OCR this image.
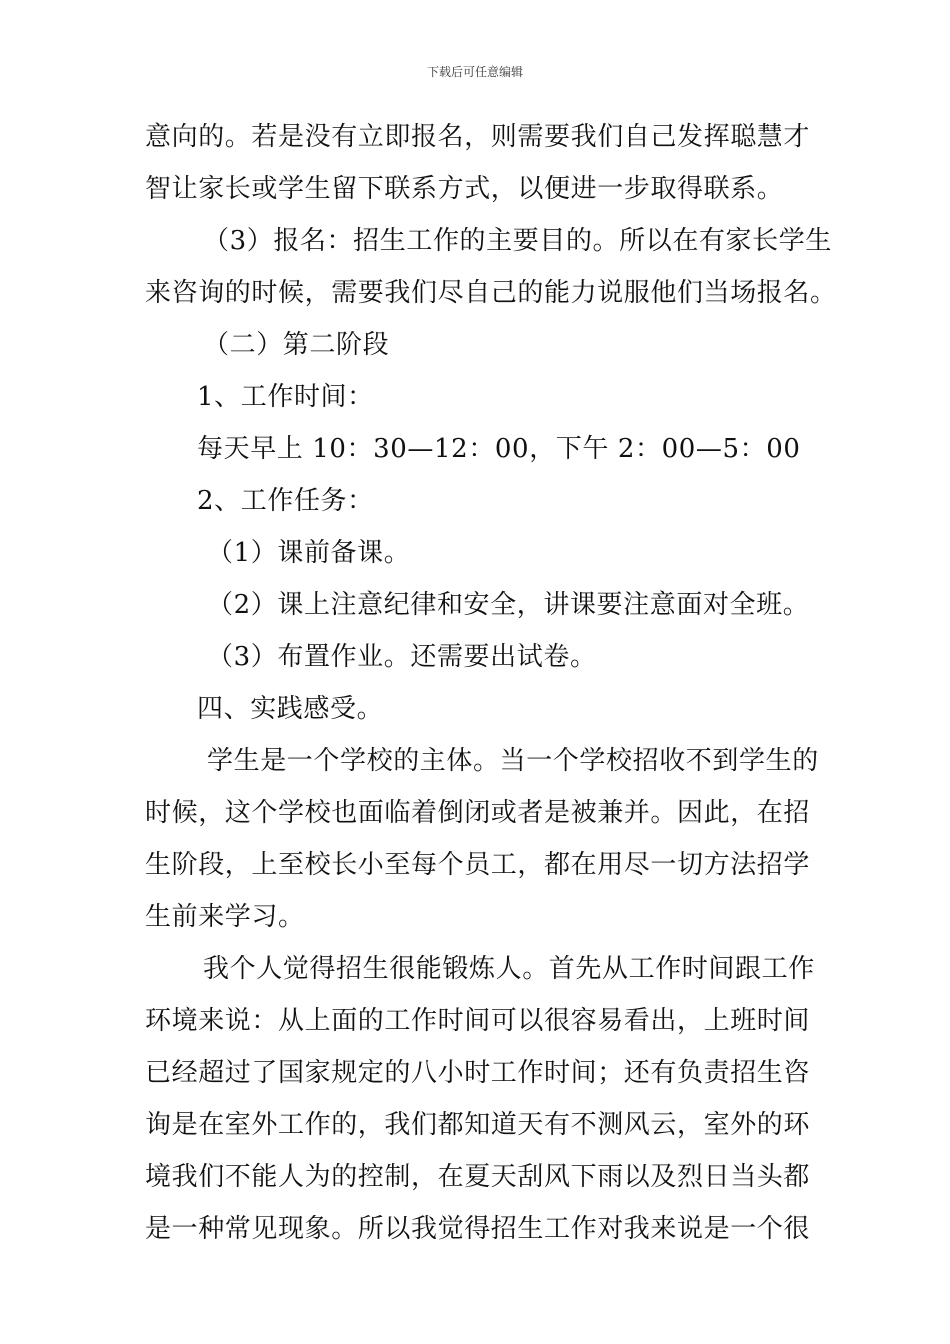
下载后可任意编辑
意向的。若是没有立即报名，则需要我们自己发挥聪慧才
智让家长或学生留下联系方式，以便进一步取得联系。
（3）报名：招生工作的主要目的。所以在有家长学生
来咨询的时候，需要我们尽自己的能力说服他们当场报名。
（二）第二阶段
1、工作时间：
每天早上 10：30—12：00，下午 2：00—5：00
2、工作任务：
（1）课前备课。
（2）课上注意纪律和安全，讲课要注意面对全班。
（3）布置作业。还需要出试卷。
四、实践感受。
学生是一个学校的主体。当一个学校招收不到学生的
时候，这个学校也面临着倒闭或者是被兼并。因此，在招
生阶段，上至校长小至每个员工，都在用尽一切方法招学
生前来学习。
我个人觉得招生很能锻炼人。首先从工作时间跟工作
环境来说：从上面的工作时间可以很容易看出，上班时间
已经超过了国家规定的八小时工作时间；还有负责招生咨
询是在室外工作的，我们都知道天有不测风云，室外的环
境我们不能人为的控制，在夏天刮风下雨以及烈日当头都
是一种常见现象。所以我觉得招生工作对我来说是一个很
